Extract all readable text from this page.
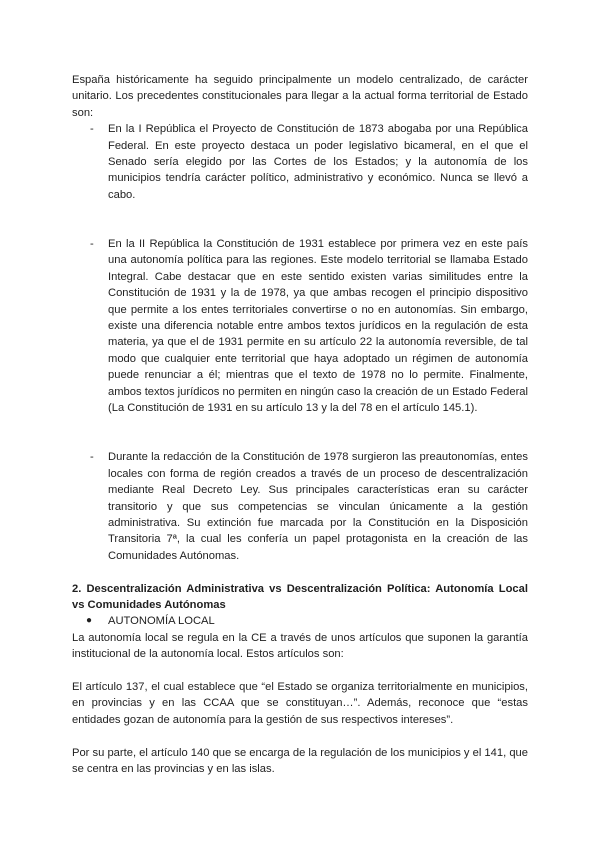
España históricamente ha seguido principalmente un modelo centralizado, de carácter unitario. Los precedentes constitucionales para llegar a la actual forma territorial de Estado son:

- En la I República el Proyecto de Constitución de 1873 abogaba por una República Federal. En este proyecto destaca un poder legislativo bicameral, en el que el Senado sería elegido por las Cortes de los Estados; y la autonomía de los municipios tendría carácter político, administrativo y económico. Nunca se llevó a cabo.
- En la II República la Constitución de 1931 establece por primera vez en este país una autonomía política para las regiones. Este modelo territorial se llamaba Estado Integral. Cabe destacar que en este sentido existen varias similitudes entre la Constitución de 1931 y la de 1978, ya que ambas recogen el principio dispositivo que permite a los entes territoriales convertirse o no en autonomías. Sin embargo, existe una diferencia notable entre ambos textos jurídicos en la regulación de esta materia, ya que el de 1931 permite en su artículo 22 la autonomía reversible, de tal modo que cualquier ente territorial que haya adoptado un régimen de autonomía puede renunciar a él; mientras que el texto de 1978 no lo permite. Finalmente, ambos textos jurídicos no permiten en ningún caso la creación de un Estado Federal (La Constitución de 1931 en su artículo 13 y la del 78 en el artículo 145.1).
- Durante la redacción de la Constitución de 1978 surgieron las preautonomías, entes locales con forma de región creados a través de un proceso de descentralización mediante Real Decreto Ley. Sus principales características eran su carácter transitorio y que sus competencias se vinculan únicamente a la gestión administrativa. Su extinción fue marcada por la Constitución en la Disposición Transitoria 7ª, la cual les confería un papel protagonista en la creación de las Comunidades Autónomas.

2. Descentralización Administrativa vs Descentralización Política: Autonomía Local vs Comunidades Autónomas

● AUTONOMÍA LOCAL

La autonomía local se regula en la CE a través de unos artículos que suponen la garantía institucional de la autonomía local. Estos artículos son:

El artículo 137, el cual establece que “el Estado se organiza territorialmente en municipios, en provincias y en las CCAA que se constituyan…”. Además, reconoce que “estas entidades gozan de autonomía para la gestión de sus respectivos intereses”.

Por su parte, el artículo 140 que se encarga de la regulación de los municipios y el 141, que se centra en las provincias y en las islas.
